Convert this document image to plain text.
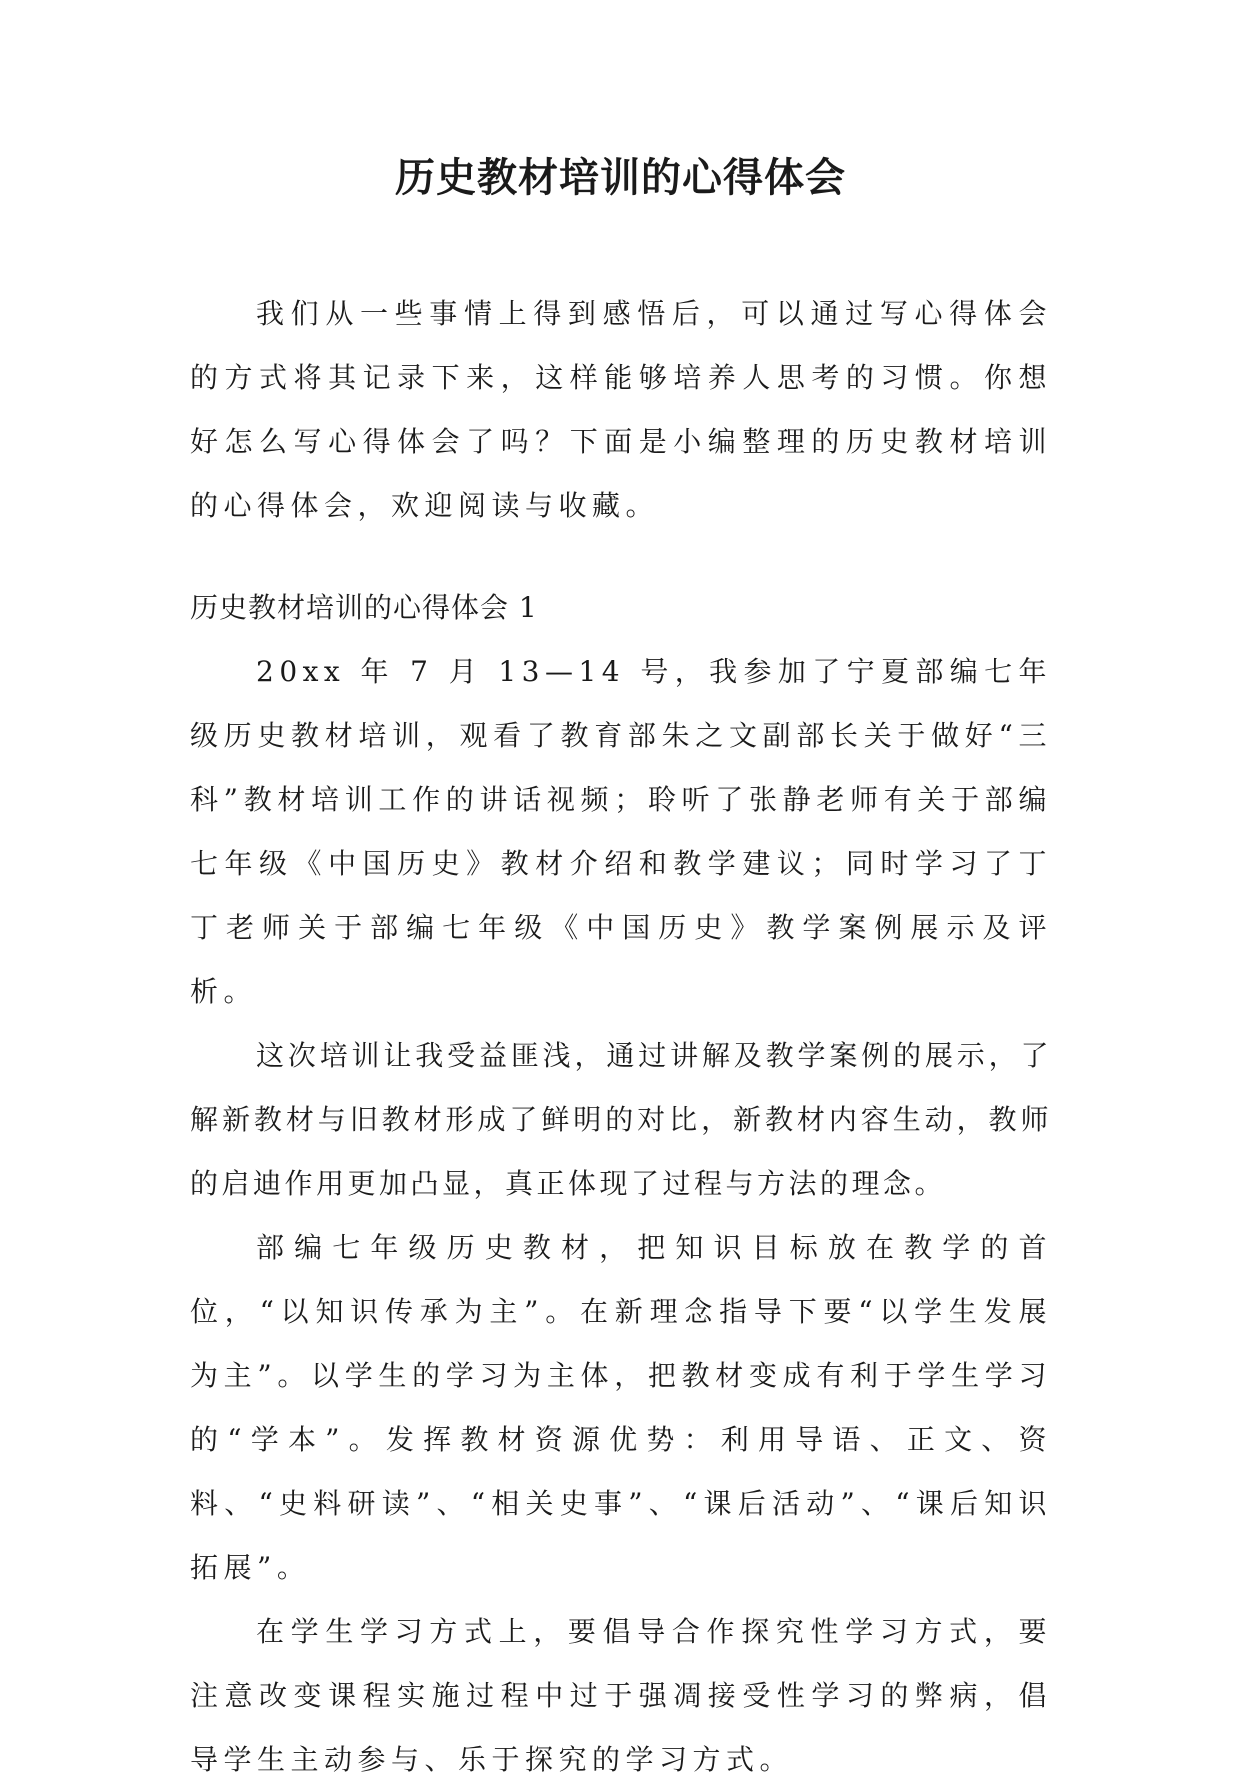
历史教材培训的心得体会

我们从一些事情上得到感悟后，可以通过写心得体会的方式将其记录下来，这样能够培养人思考的习惯。你想好怎么写心得体会了吗？下面是小编整理的历史教材培训的心得体会，欢迎阅读与收藏。

历史教材培训的心得体会 1

20xx 年 7 月 13—14 号，我参加了宁夏部编七年级历史教材培训，观看了教育部朱之文副部长关于做好“三科”教材培训工作的讲话视频；聆听了张静老师有关于部编七年级《中国历史》教材介绍和教学建议；同时学习了丁丁老师关于部编七年级《中国历史》教学案例展示及评析。

这次培训让我受益匪浅，通过讲解及教学案例的展示，了解新教材与旧教材形成了鲜明的对比，新教材内容生动，教师的启迪作用更加凸显，真正体现了过程与方法的理念。

部编七年级历史教材，把知识目标放在教学的首位，“以知识传承为主”。在新理念指导下要“以学生发展为主”。以学生的学习为主体，把教材变成有利于学生学习的“学本”。发挥教材资源优势：利用导语、正文、资料、“史料研读”、“相关史事”、“课后活动”、“课后知识拓展”。

在学生学习方式上，要倡导合作探究性学习方式，要注意改变课程实施过程中过于强凋接受性学习的弊病，倡导学生主动参与、乐于探究的学习方式。
